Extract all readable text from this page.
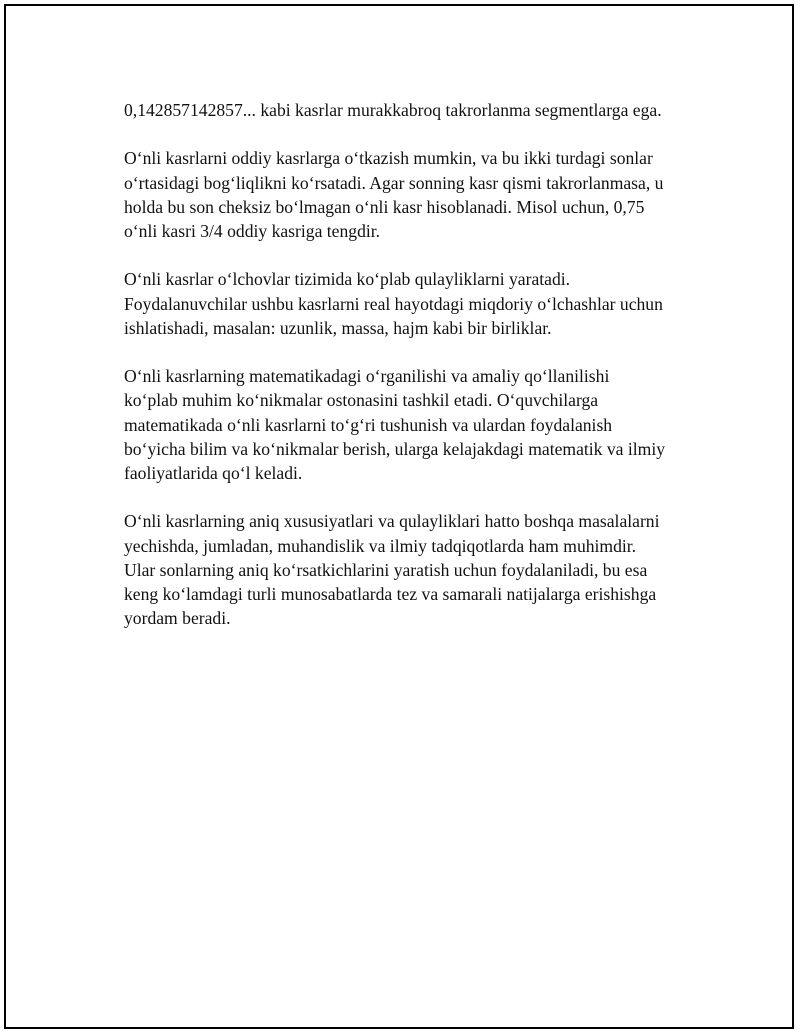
0,142857142857... kabi kasrlar murakkabroq takrorlanma segmentlarga ega.

O‘nli kasrlarni oddiy kasrlarga o‘tkazish mumkin, va bu ikki turdagi sonlar
o‘rtasidagi bog‘liqlikni ko‘rsatadi. Agar sonning kasr qismi takrorlanmasa, u
holda bu son cheksiz bo‘lmagan o‘nli kasr hisoblanadi. Misol uchun, 0,75
o‘nli kasri 3/4 oddiy kasriga tengdir.

O‘nli kasrlar o‘lchovlar tizimida ko‘plab qulayliklarni yaratadi.
Foydalanuvchilar ushbu kasrlarni real hayotdagi miqdoriy o‘lchashlar uchun
ishlatishadi, masalan: uzunlik, massa, hajm kabi bir birliklar.

O‘nli kasrlarning matematikadagi o‘rganilishi va amaliy qo‘llanilishi
ko‘plab muhim ko‘nikmalar ostonasini tashkil etadi. O‘quvchilarga
matematikada o‘nli kasrlarni to‘g‘ri tushunish va ulardan foydalanish
bo‘yicha bilim va ko‘nikmalar berish, ularga kelajakdagi matematik va ilmiy
faoliyatlarida qo‘l keladi.

O‘nli kasrlarning aniq xususiyatlari va qulayliklari hatto boshqa masalalarni
yechishda, jumladan, muhandislik va ilmiy tadqiqotlarda ham muhimdir.
Ular sonlarning aniq ko‘rsatkichlarini yaratish uchun foydalaniladi, bu esa
keng ko‘lamdagi turli munosabatlarda tez va samarali natijalarga erishishga
yordam beradi.
